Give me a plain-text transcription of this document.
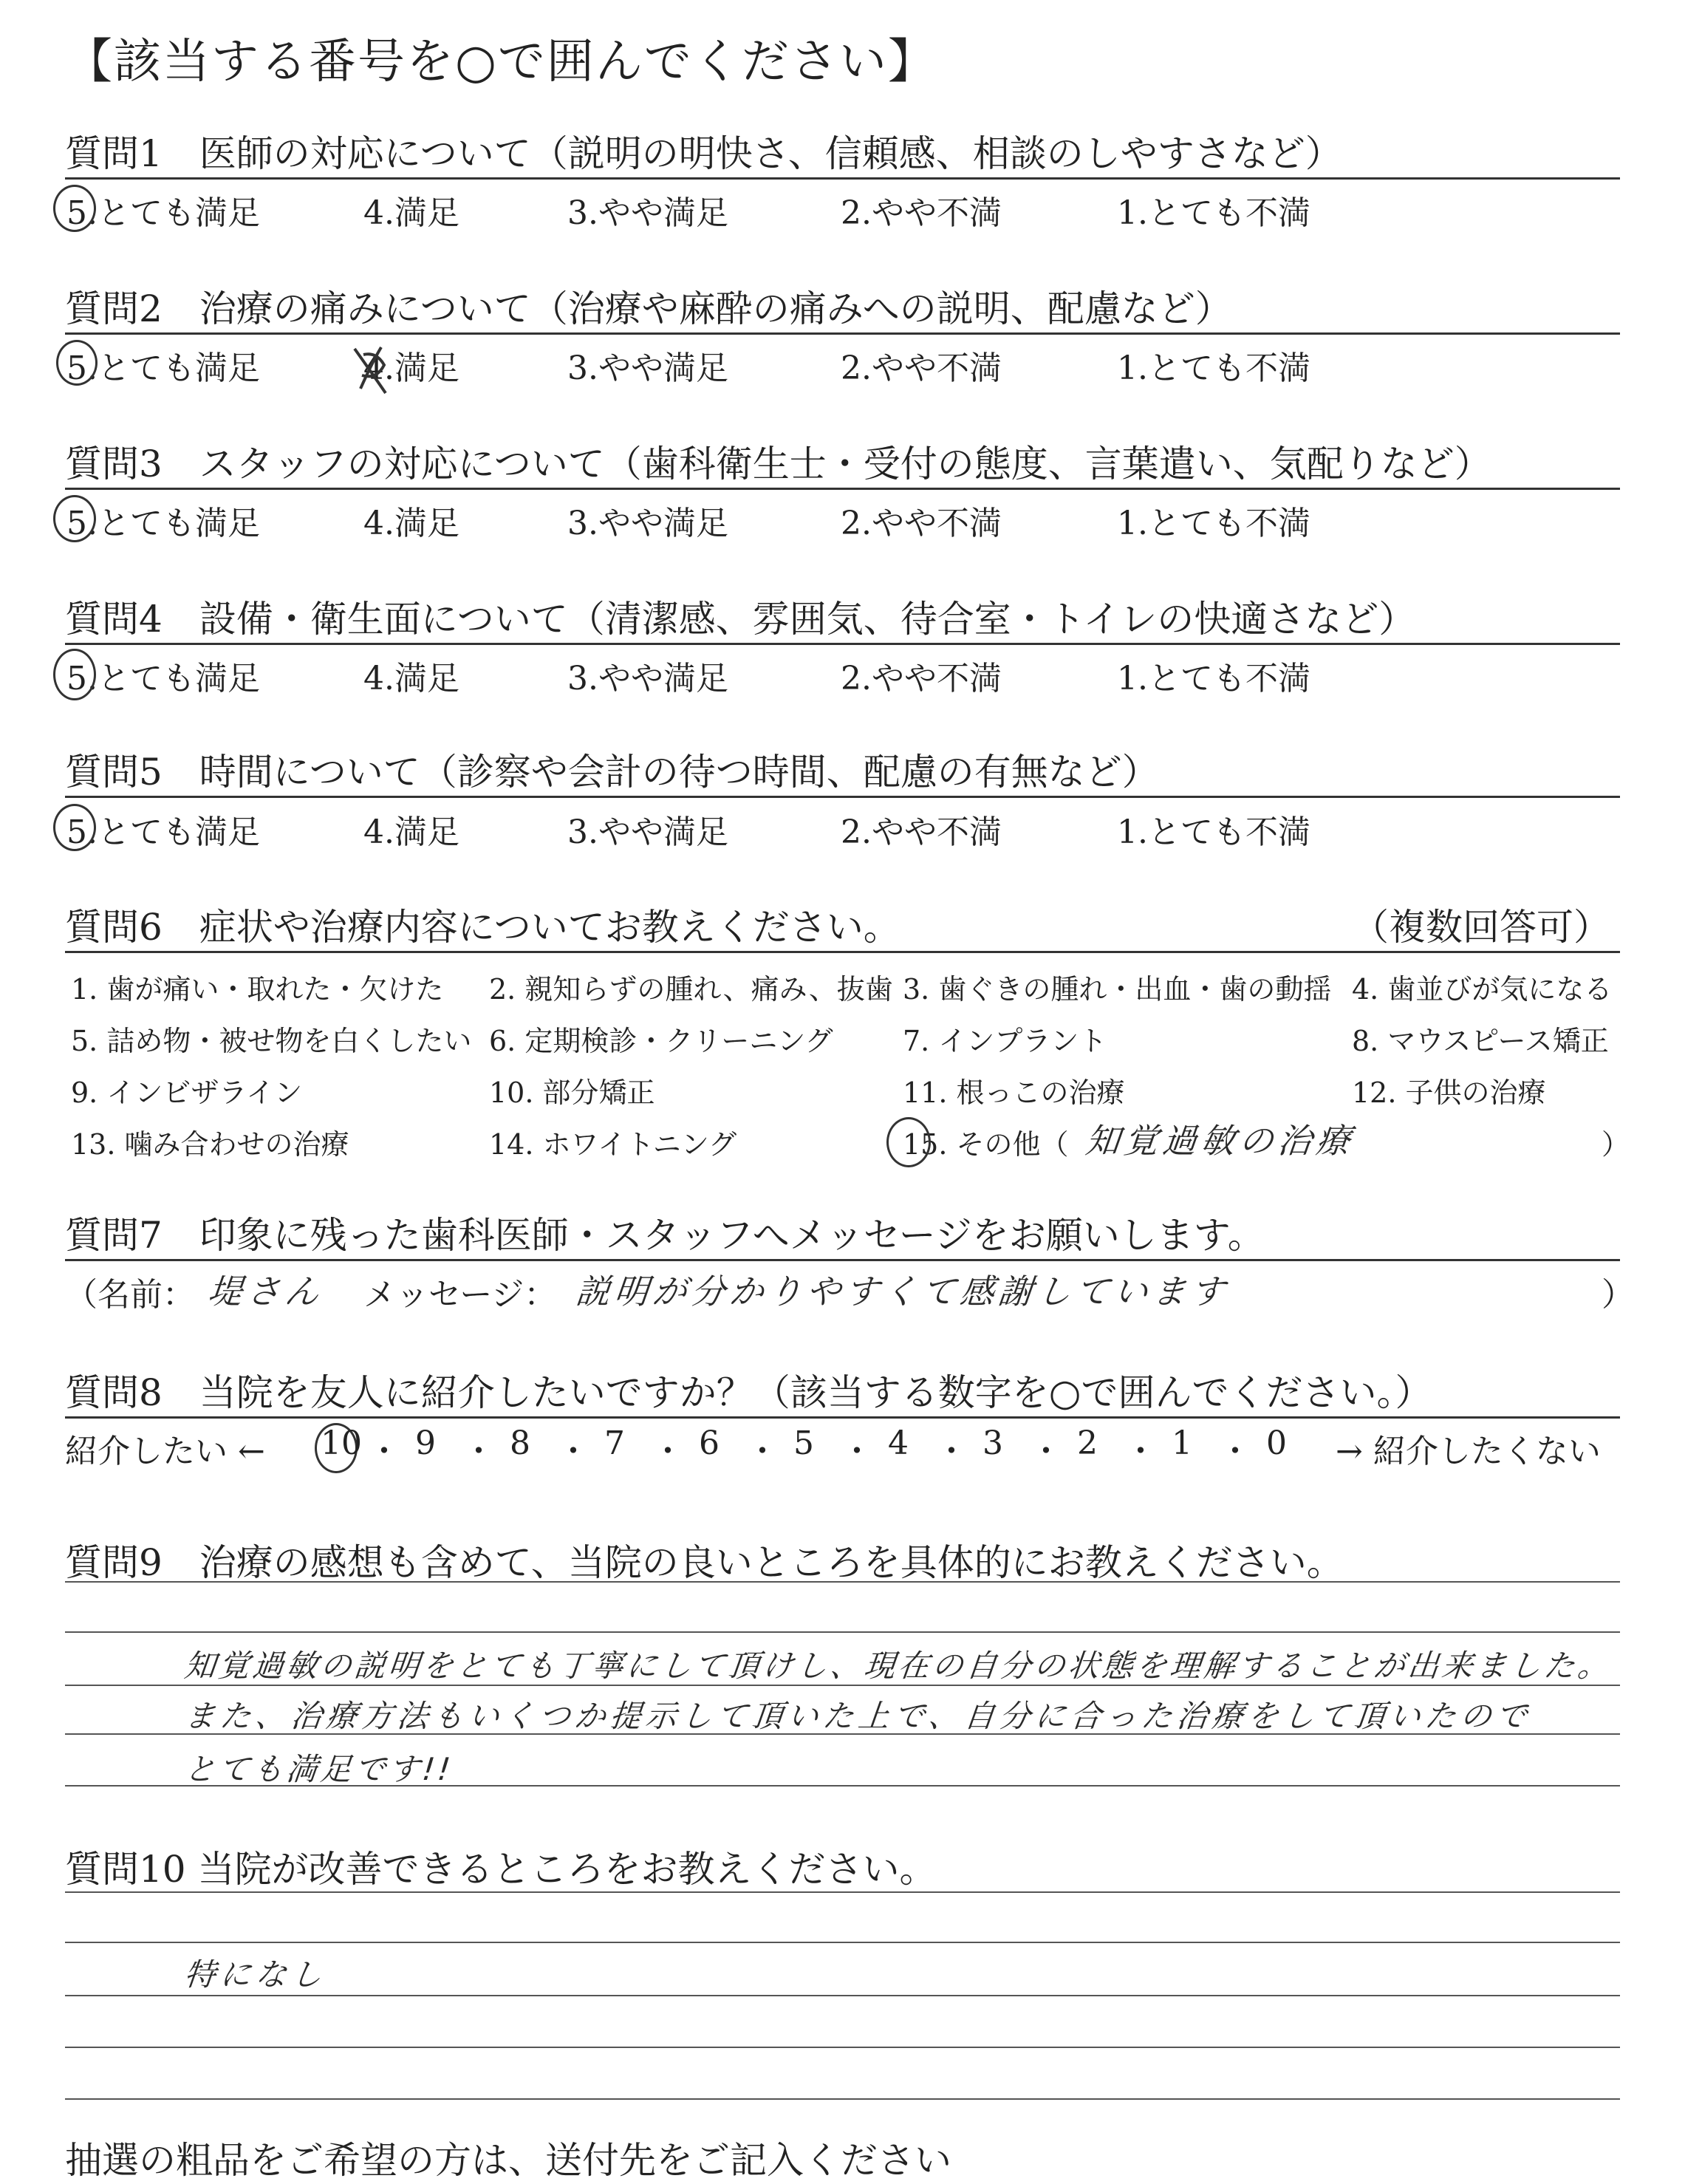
【該当する番号を○で囲んでください】
質問1　医師の対応について（説明の明快さ、信頼感、相談のしやすさなど）
5.とても満足	4.満足	3.やや満足	2.やや不満	1.とても不満
質問2　治療の痛みについて（治療や麻酔の痛みへの説明、配慮など）
5.とても満足	4.満足	3.やや満足	2.やや不満	1.とても不満
質問3　スタッフの対応について（歯科衛生士・受付の態度、言葉遣い、気配りなど）
5.とても満足	4.満足	3.やや満足	2.やや不満	1.とても不満
質問4　設備・衛生面について（清潔感、雰囲気、待合室・トイレの快適さなど）
5.とても満足	4.満足	3.やや満足	2.やや不満	1.とても不満
質問5　時間について（診察や会計の待つ時間、配慮の有無など）
5.とても満足	4.満足	3.やや満足	2.やや不満	1.とても不満
質問6　症状や治療内容についてお教えください。	（複数回答可）
1. 歯が痛い・取れた・欠けた 2. 親知らずの腫れ、痛み、抜歯 3. 歯ぐきの腫れ・出血・歯の動揺 4. 歯並びが気になる
5. 詰め物・被せ物を白くしたい 6. 定期検診・クリーニング 7. インプラント	8. マウスピース矯正
9. インビザライン	10. 部分矯正	11. 根っこの治療	12. 子供の治療
13. 噛み合わせの治療	14. ホワイトニング	15. その他（ 知覚過敏の治療	）
質問7　印象に残った歯科医師・スタッフへメッセージをお願いします。
（名前： 堤さん メッセージ： 説明が分かりやすくて感謝しています	）
質問8　当院を友人に紹介したいですか？（該当する数字を○で囲んでください。）
紹介したい ←	→ 紹介したくない
10 ・ 9 ・ 8 ・ 7 ・ 6 ・ 5 ・ 4 ・ 3 ・ 2 ・ 1 ・ 0
質問9　治療の感想も含めて、当院の良いところを具体的にお教えください。
知覚過敏の説明をとても丁寧にして頂けし、現在の自分の状態を理解することが出来ました。
また、治療方法もいくつか提示して頂いた上で、自分に合った治療をして頂いたので
とても満足です!!
質問10 当院が改善できるところをお教えください。
特になし
抽選の粗品をご希望の方は、送付先をご記入ください
